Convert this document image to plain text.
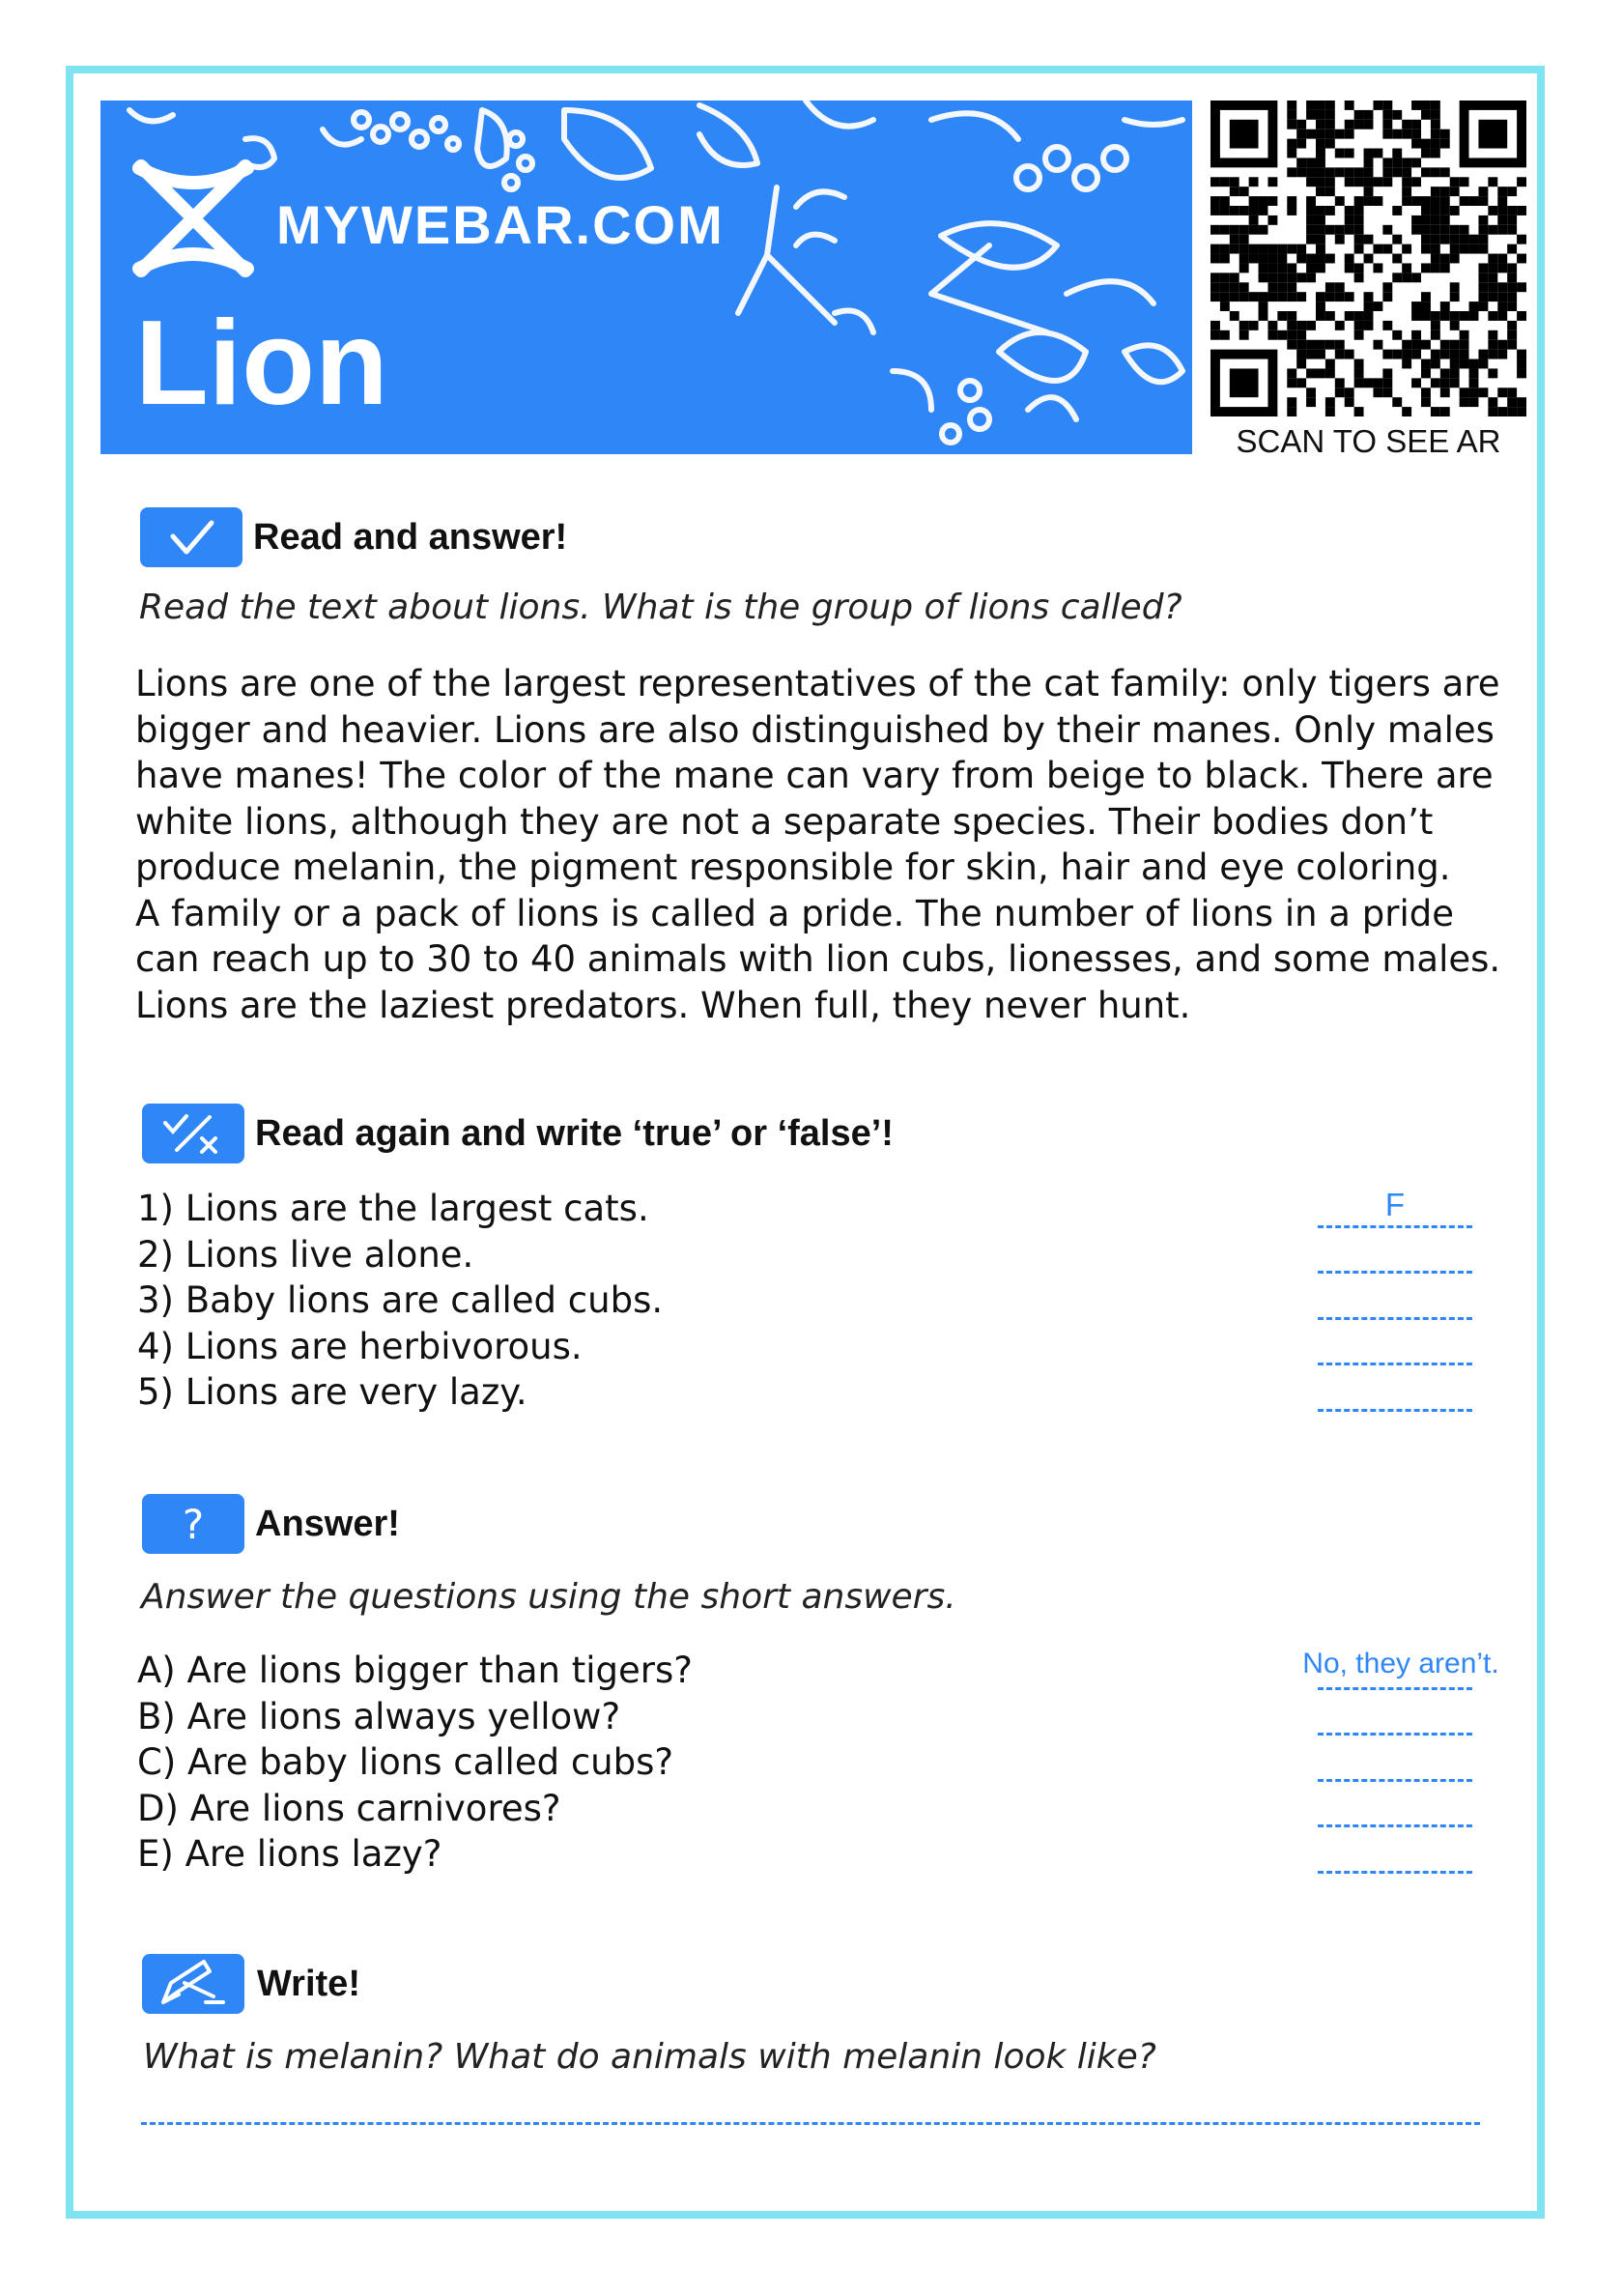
MYWEBAR.COM
Lion
SCAN TO SEE AR
Read and answer!
Read the text about lions. What is the group of lions called?

Lions are one of the largest representatives of the cat family: only tigers are bigger and heavier. Lions are also distinguished by their manes. Only males have manes! The color of the mane can vary from beige to black. There are white lions, although they are not a separate species. Their bodies don’t produce melanin, the pigment responsible for skin, hair and eye coloring.

A family or a pack of lions is called a pride. The number of lions in a pride can reach up to 30 to 40 animals with lion cubs, lionesses, and some males. Lions are the laziest predators. When full, they never hunt.

Read again and write ‘true’ or ‘false’!
1) Lions are the largest cats.
2) Lions live alone.
3) Baby lions are called cubs.
4) Lions are herbivorous.
5) Lions are very lazy.
F
? Answer!
Answer the questions using the short answers.
A) Are lions bigger than tigers?
B) Are lions always yellow?
C) Are baby lions called cubs?
D) Are lions carnivores?
E) Are lions lazy?
No, they aren’t.
Write!
What is melanin? What do animals with melanin look like?
